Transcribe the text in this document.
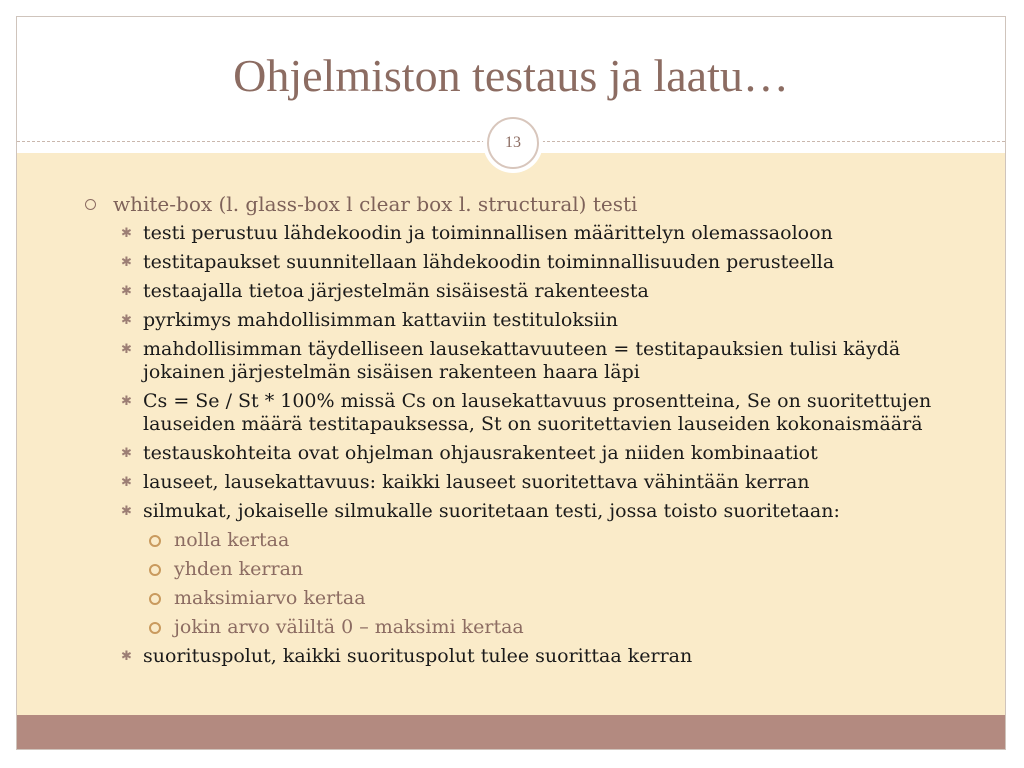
Ohjelmiston testaus ja laatu…
white-box (l. glass-box l clear box l. structural) testi
✱ testi perustuu lähdekoodin ja toiminnallisen määrittelyn olemassaoloon
✱ testitapaukset suunnitellaan lähdekoodin toiminnallisuuden perusteella
✱ testaajalla tietoa järjestelmän sisäisestä rakenteesta
✱ pyrkimys mahdollisimman kattaviin testituloksiin
✱ mahdollisimman täydelliseen lausekattavuuteen = testitapauksien tulisi käydä jokainen järjestelmän sisäisen rakenteen haara läpi
✱ Cs = Se / St * 100% missä Cs on lausekattavuus prosentteina, Se on suoritettujen lauseiden määrä testitapauksessa, St on suoritettavien lauseiden kokonaismäärä
✱ testauskohteita ovat ohjelman ohjausrakenteet ja niiden kombinaatiot
✱ lauseet, lausekattavuus: kaikki lauseet suoritettava vähintään kerran
✱ silmukat, jokaiselle silmukalle suoritetaan testi, jossa toisto suoritetaan:
nolla kertaa
yhden kerran
maksimiarvo kertaa
jokin arvo väliltä 0 – maksimi kertaa
✱ suorituspolut, kaikki suorituspolut tulee suorittaa kerran
13
